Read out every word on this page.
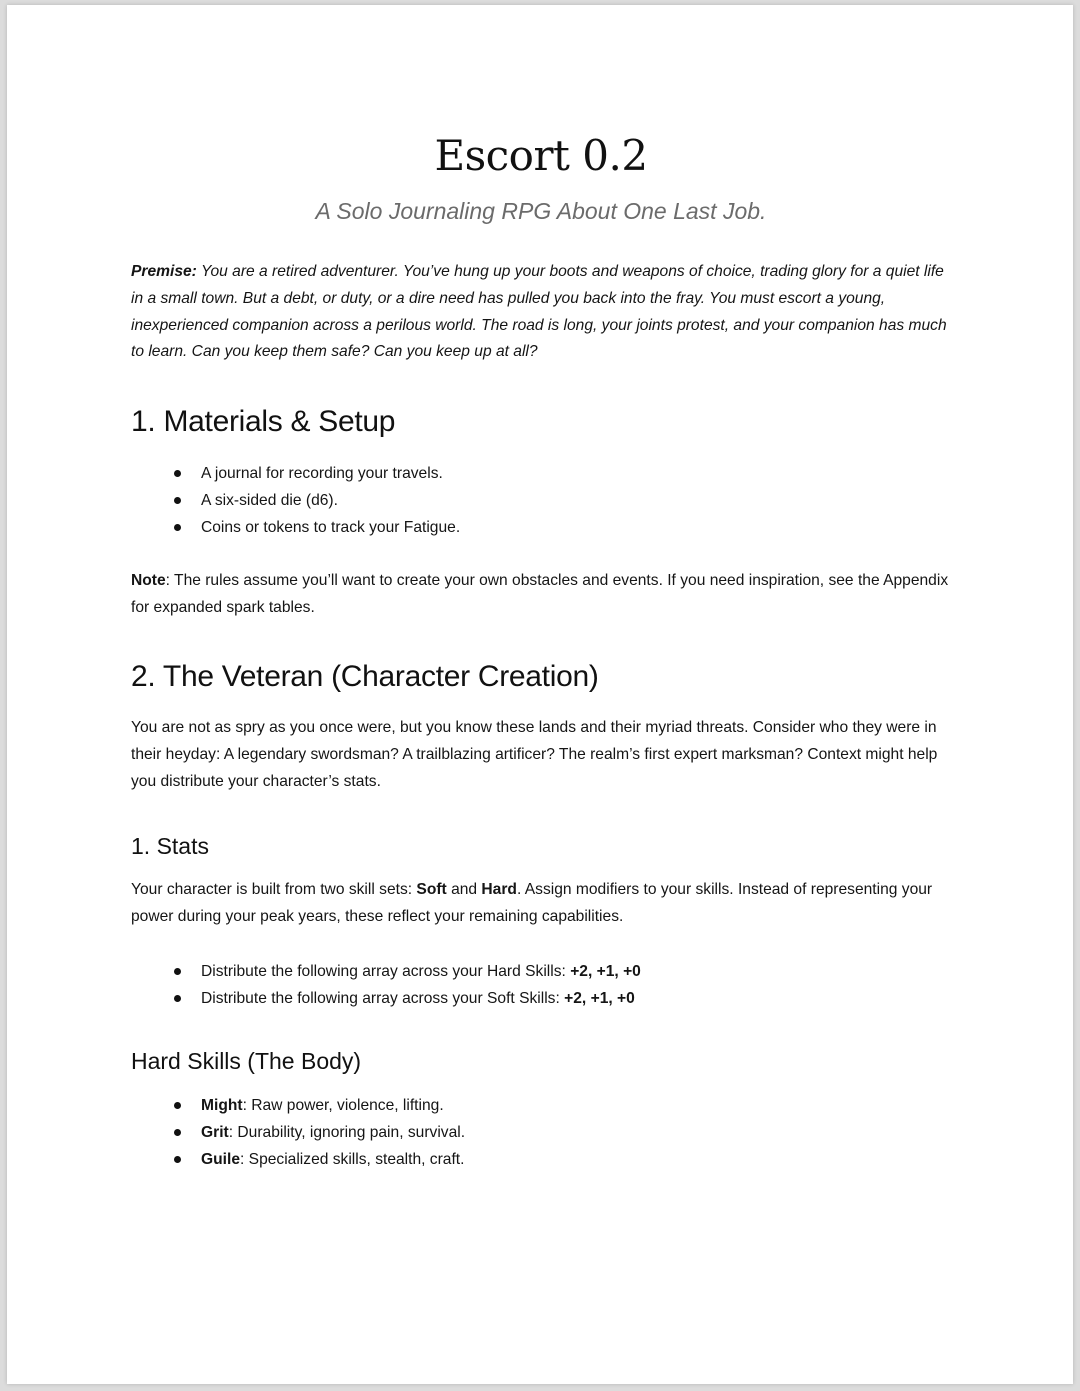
Escort 0.2
A Solo Journaling RPG About One Last Job.

Premise: You are a retired adventurer. You’ve hung up your boots and weapons of choice, trading glory for a quiet life in a small town. But a debt, or duty, or a dire need has pulled you back into the fray. You must escort a young, inexperienced companion across a perilous world. The road is long, your joints protest, and your companion has much to learn. Can you keep them safe? Can you keep up at all?

1. Materials & Setup
A journal for recording your travels.
A six-sided die (d6).
Coins or tokens to track your Fatigue.

Note: The rules assume you’ll want to create your own obstacles and events. If you need inspiration, see the Appendix for expanded spark tables.

2. The Veteran (Character Creation)

You are not as spry as you once were, but you know these lands and their myriad threats. Consider who they were in their heyday: A legendary swordsman? A trailblazing artificer? The realm’s first expert marksman? Context might help you distribute your character’s stats.

1. Stats

Your character is built from two skill sets: Soft and Hard. Assign modifiers to your skills. Instead of representing your power during your peak years, these reflect your remaining capabilities.

Distribute the following array across your Hard Skills: +2, +1, +0
Distribute the following array across your Soft Skills: +2, +1, +0
Hard Skills (The Body)
Might: Raw power, violence, lifting.
Grit: Durability, ignoring pain, survival.
Guile: Specialized skills, stealth, craft.
